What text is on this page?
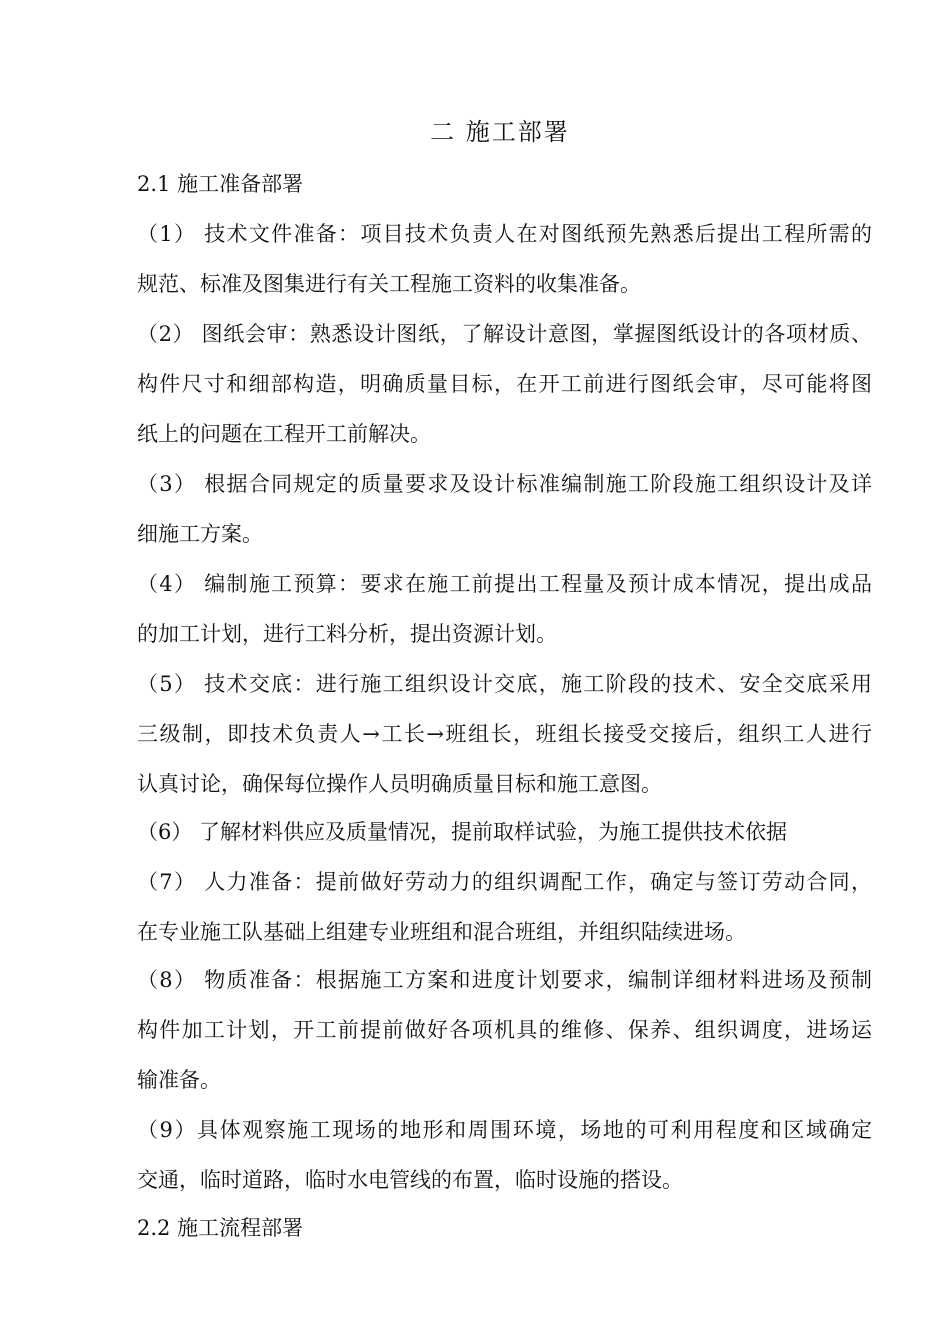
二 施工部署
2.1 施工准备部署
（1） 技术文件准备：项目技术负责人在对图纸预先熟悉后提出工程所需的
规范、标准及图集进行有关工程施工资料的收集准备。
（2） 图纸会审：熟悉设计图纸，了解设计意图，掌握图纸设计的各项材质、
构件尺寸和细部构造，明确质量目标，在开工前进行图纸会审，尽可能将图
纸上的问题在工程开工前解决。
（3） 根据合同规定的质量要求及设计标准编制施工阶段施工组织设计及详
细施工方案。
（4） 编制施工预算：要求在施工前提出工程量及预计成本情况，提出成品
的加工计划，进行工料分析，提出资源计划。
（5） 技术交底：进行施工组织设计交底，施工阶段的技术、安全交底采用
三级制，即技术负责人→工长→班组长，班组长接受交接后，组织工人进行
认真讨论，确保每位操作人员明确质量目标和施工意图。
（6） 了解材料供应及质量情况，提前取样试验，为施工提供技术依据
（7） 人力准备：提前做好劳动力的组织调配工作，确定与签订劳动合同，
在专业施工队基础上组建专业班组和混合班组，并组织陆续进场。
（8） 物质准备：根据施工方案和进度计划要求，编制详细材料进场及预制
构件加工计划，开工前提前做好各项机具的维修、保养、组织调度，进场运
输准备。
（9）具体观察施工现场的地形和周围环境，场地的可利用程度和区域确定
交通，临时道路，临时水电管线的布置，临时设施的搭设。
2.2 施工流程部署
